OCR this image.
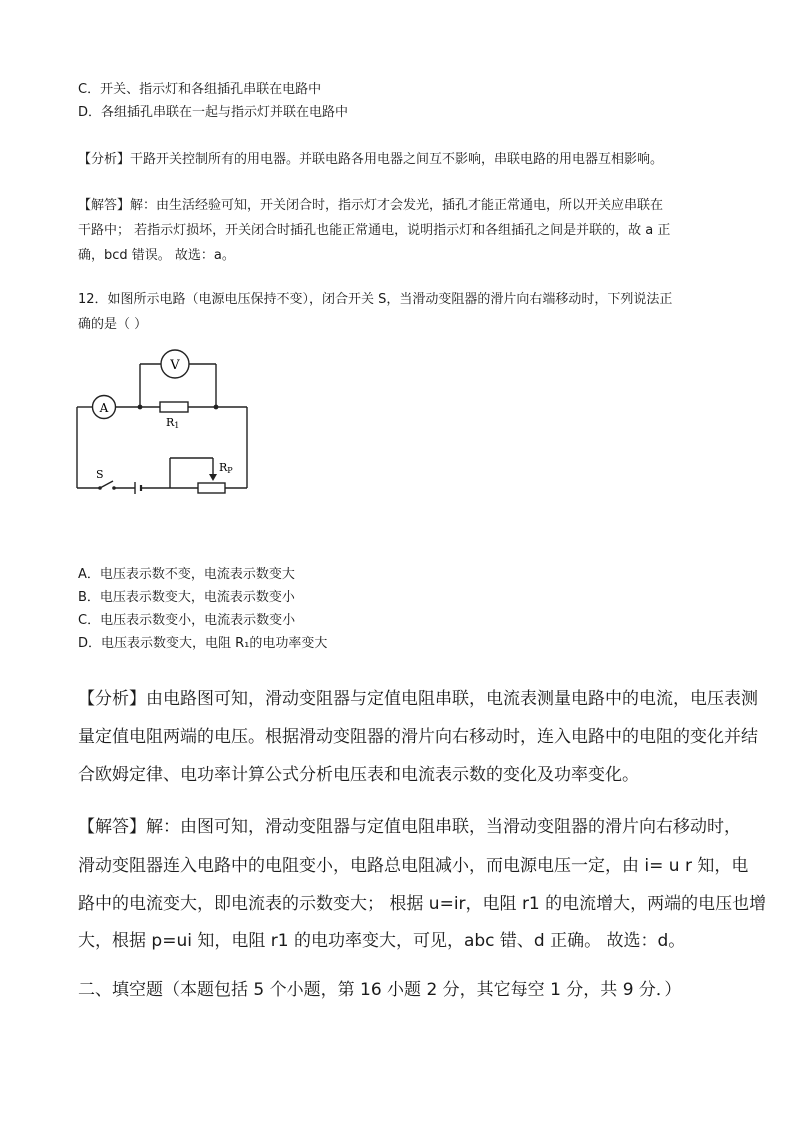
C．开关、指示灯和各组插孔串联在电路中
D．各组插孔串联在一起与指示灯并联在电路中
【分析】干路开关控制所有的用电器。并联电路各用电器之间互不影响，串联电路的用电器互相影响。
【解答】解：由生活经验可知，开关闭合时，指示灯才会发光，插孔才能正常通电，所以开关应串联在
干路中； 若指示灯损坏，开关闭合时插孔也能正常通电，说明指示灯和各组插孔之间是并联的，故 a 正
确，bcd 错误。 故选：a。
12．如图所示电路（电源电压保持不变），闭合开关 S，当滑动变阻器的滑片向右端移动时，下列说法正
确的是（ ）
V
A
R1
RP
S
A．电压表示数不变，电流表示数变大
B．电压表示数变大，电流表示数变小
C．电压表示数变小，电流表示数变小
D．电压表示数变大，电阻 R₁的电功率变大
【分析】由电路图可知，滑动变阻器与定值电阻串联，电流表测量电路中的电流，电压表测
量定值电阻两端的电压。根据滑动变阻器的滑片向右移动时，连入电路中的电阻的变化并结
合欧姆定律、电功率计算公式分析电压表和电流表示数的变化及功率变化。
【解答】解：由图可知，滑动变阻器与定值电阻串联，当滑动变阻器的滑片向右移动时，
滑动变阻器连入电路中的电阻变小，电路总电阻减小，而电源电压一定，由 i= u r 知，电
路中的电流变大，即电流表的示数变大； 根据 u=ir，电阻 r1 的电流增大，两端的电压也增
大，根据 p=ui 知，电阻 r1 的电功率变大，可见，abc 错、d 正确。 故选：d。
二、填空题（本题包括 5 个小题，第 16 小题 2 分，其它每空 1 分，共 9 分．）
